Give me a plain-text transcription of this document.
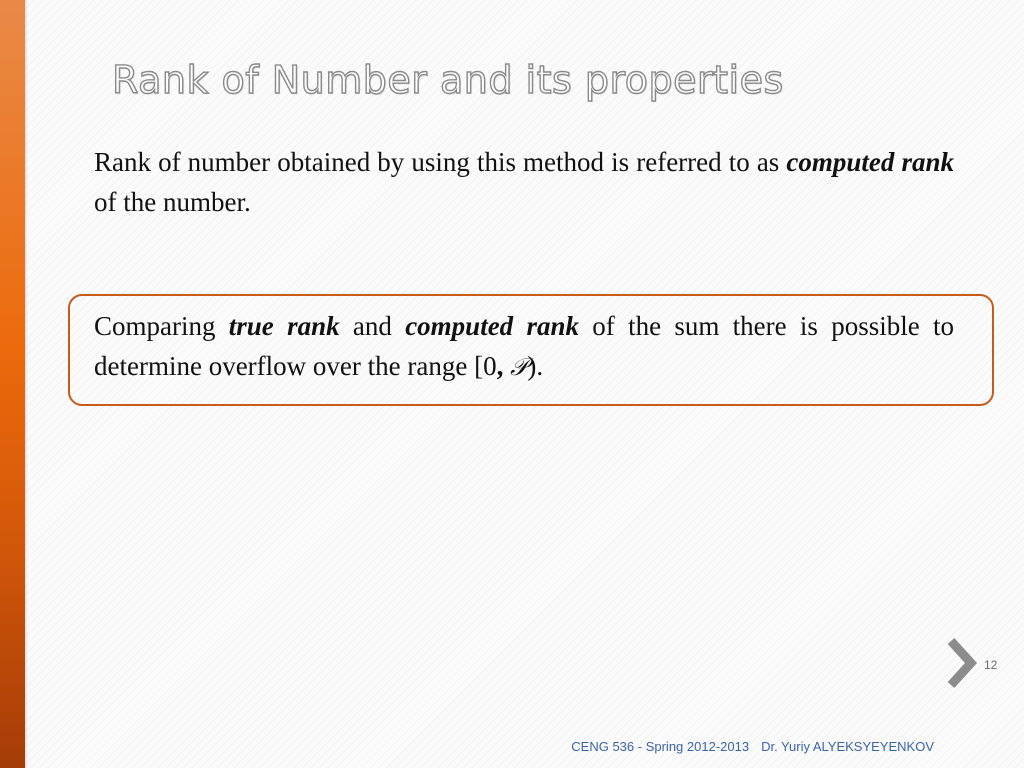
Rank of Number and its properties

Rank of number obtained by using this method is referred to as computed rank of the number.

Comparing true rank and computed rank of the sum there is possible to determine overflow over the range [0, 𝒫).

12
CENG 536 - Spring 2012-2013 Dr. Yuriy ALYEKSYEYENKOV
